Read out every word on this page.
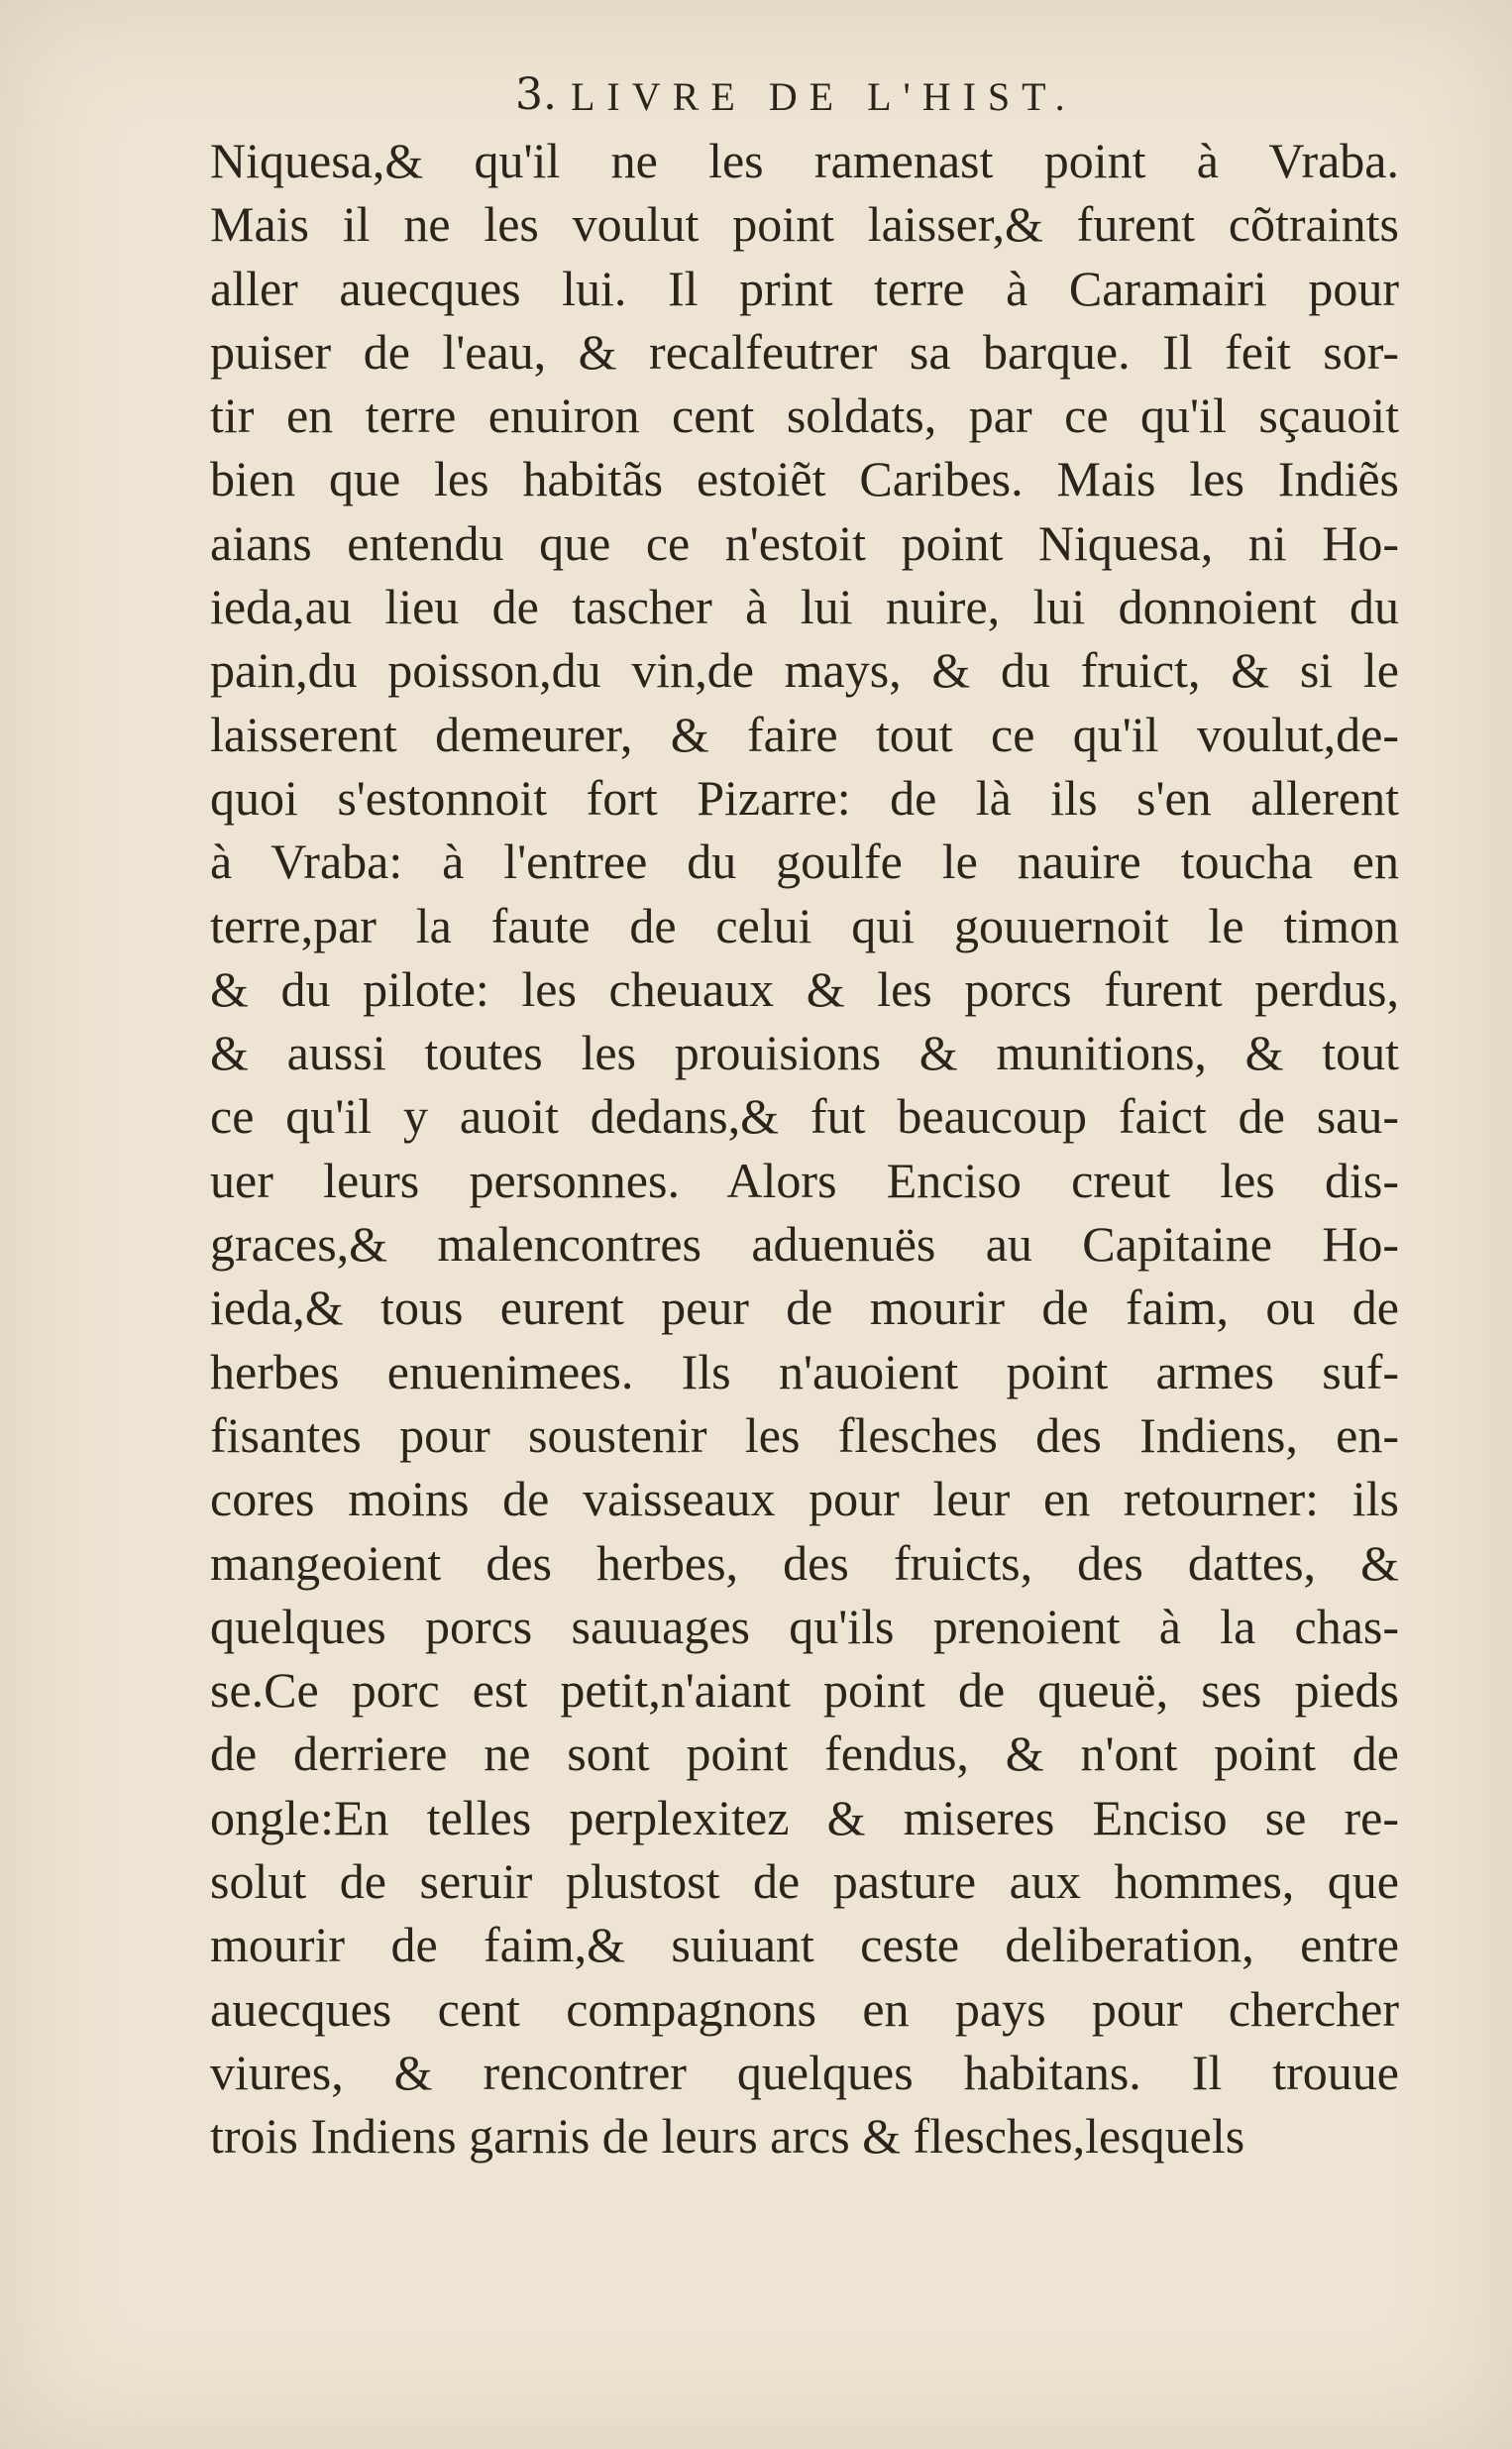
3. LIVRE DE L'HIST.
Niquesa,& qu'il ne les ramenast point à Vraba.
Mais il ne les voulut point laisser,& furent cõtraints
aller auecques lui. Il print terre à Caramairi pour
puiser de l'eau, & recalfeutrer sa barque. Il feit sor-
tir en terre enuiron cent soldats, par ce qu'il sçauoit
bien que les habitãs estoiẽt Caribes. Mais les Indiẽs
aians entendu que ce n'estoit point Niquesa, ni Ho-
ieda,au lieu de tascher à lui nuire, lui donnoient du
pain,du poisson,du vin,de mays, & du fruict, & si le
laisserent demeurer, & faire tout ce qu'il voulut,de-
quoi s'estonnoit fort Pizarre: de là ils s'en allerent
à Vraba: à l'entree du goulfe le nauire toucha en
terre,par la faute de celui qui gouuernoit le timon
& du pilote: les cheuaux & les porcs furent perdus,
& aussi toutes les prouisions & munitions, & tout
ce qu'il y auoit dedans,& fut beaucoup faict de sau-
uer leurs personnes. Alors Enciso creut les dis-
graces,& malencontres aduenuës au Capitaine Ho-
ieda,& tous eurent peur de mourir de faim, ou de
herbes enuenimees. Ils n'auoient point armes suf-
fisantes pour soustenir les flesches des Indiens, en-
cores moins de vaisseaux pour leur en retourner: ils
mangeoient des herbes, des fruicts, des dattes, &
quelques porcs sauuages qu'ils prenoient à la chas-
se.Ce porc est petit,n'aiant point de queuë, ses pieds
de derriere ne sont point fendus, & n'ont point de
ongle:En telles perplexitez & miseres Enciso se re-
solut de seruir plustost de pasture aux hommes, que
mourir de faim,& suiuant ceste deliberation, entre
auecques cent compagnons en pays pour chercher
viures, & rencontrer quelques habitans. Il trouue
trois Indiens garnis de leurs arcs & flesches,lesquels
